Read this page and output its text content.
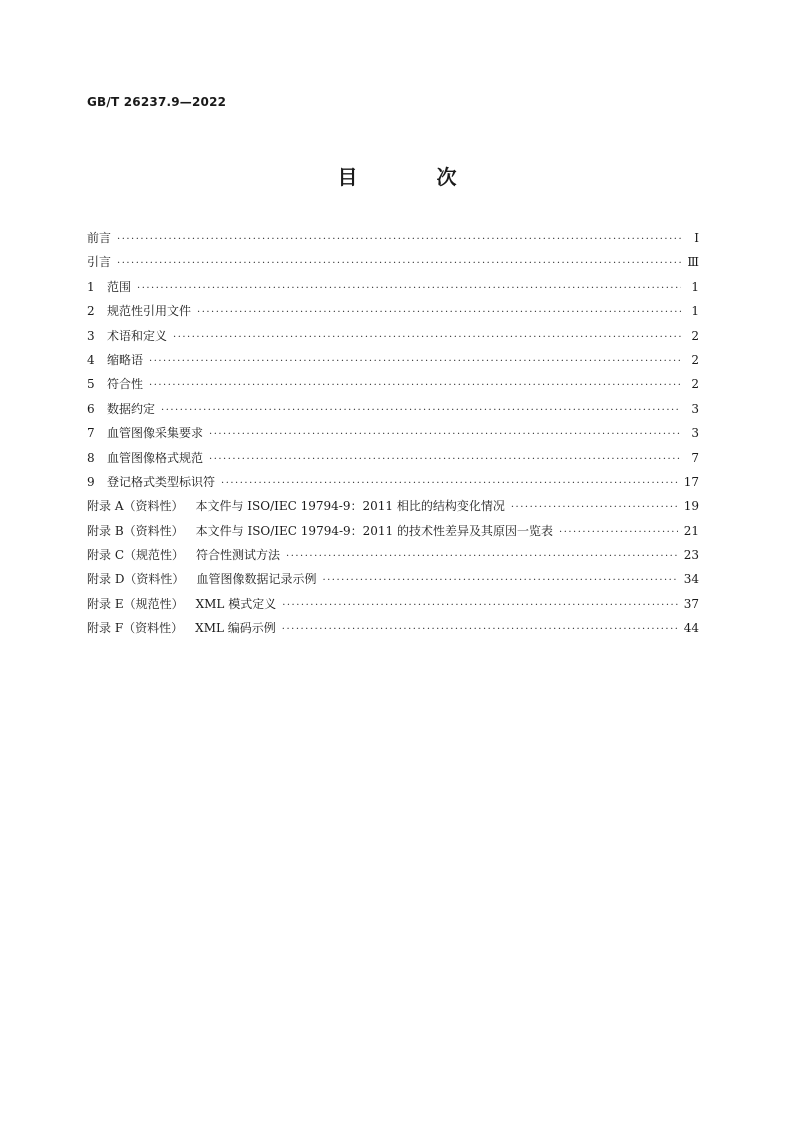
GB/T 26237.9—2022
目 次
前言 ·····	Ⅰ
引言 ·····	Ⅲ
1	范围 ·····	1
2	规范性引用文件 ·····	1
3	术语和定义 ·····	2
4	缩略语 ·····	2
5	符合性 ·····	2
6	数据约定 ·····	3
7	血管图像采集要求 ·····	3
8	血管图像格式规范 ·····	7
9	登记格式类型标识符 ·····	17
附录 A（资料性） 本文件与 ISO/IEC 19794-9：2011 相比的结构变化情况 ·····	19
附录 B（资料性） 本文件与 ISO/IEC 19794-9：2011 的技术性差异及其原因一览表 ·····	21
附录 C（规范性） 符合性测试方法 ·····	23
附录 D（资料性） 血管图像数据记录示例 ·····	34
附录 E（规范性） XML 模式定义 ·····	37
附录 F（资料性） XML 编码示例 ·····	44
